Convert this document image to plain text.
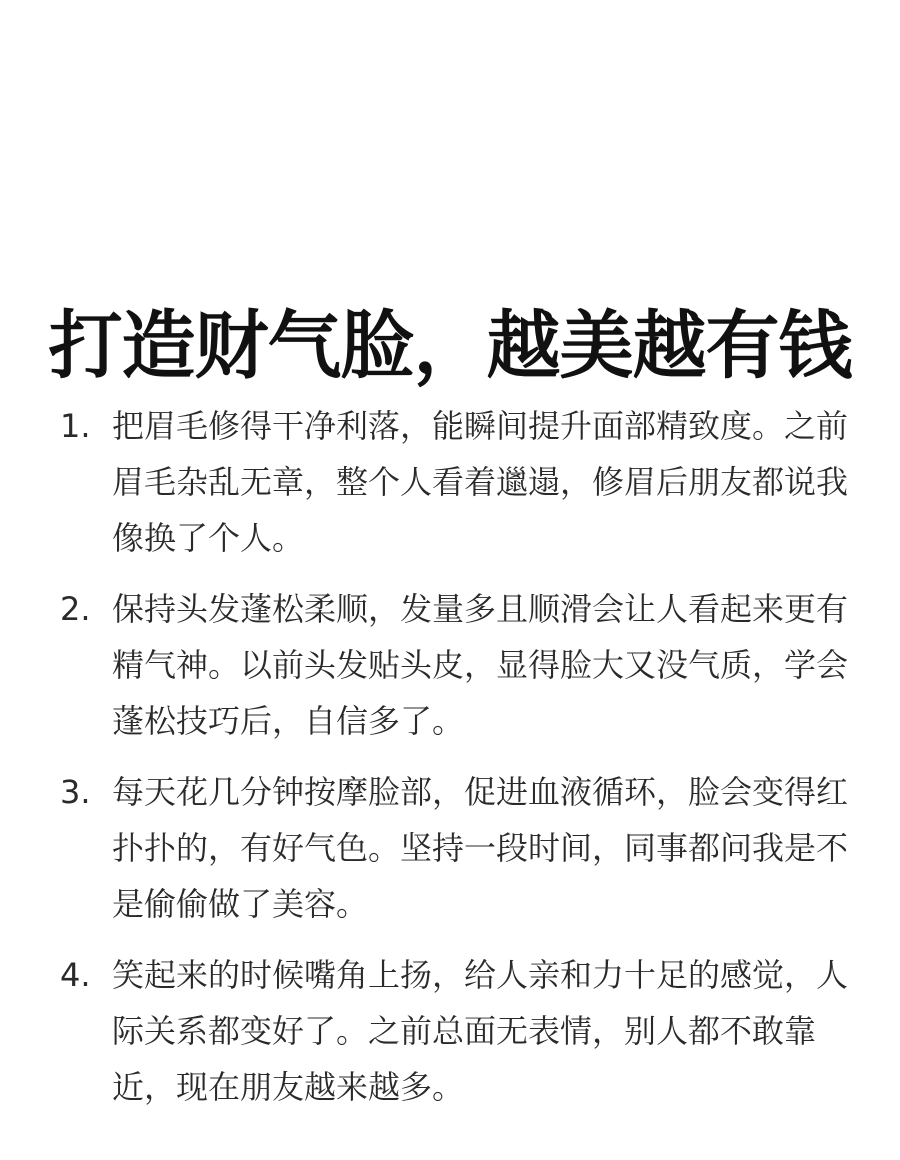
打造财气脸，越美越有钱
1. 把眉毛修得干净利落，能瞬间提升面部精致度。之前眉毛杂乱无章，整个人看着邋遢，修眉后朋友都说我像换了个人。
2. 保持头发蓬松柔顺，发量多且顺滑会让人看起来更有精气神。以前头发贴头皮，显得脸大又没气质，学会蓬松技巧后，自信多了。
3. 每天花几分钟按摩脸部，促进血液循环，脸会变得红扑扑的，有好气色。坚持一段时间，同事都问我是不是偷偷做了美容。
4. 笑起来的时候嘴角上扬，给人亲和力十足的感觉，人际关系都变好了。之前总面无表情，别人都不敢靠近，现在朋友越来越多。
